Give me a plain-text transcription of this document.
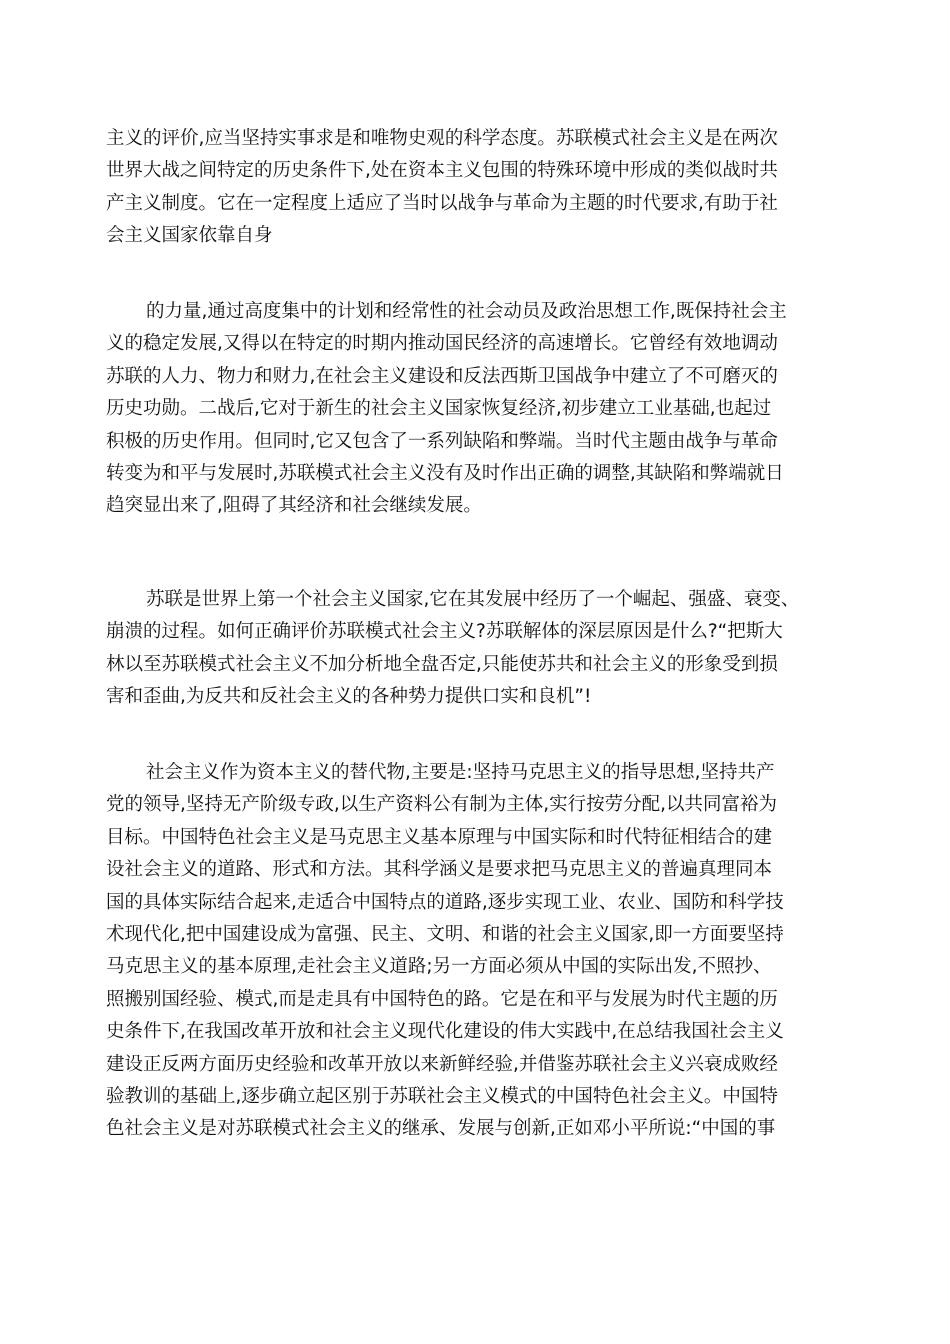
主义的评价,应当坚持实事求是和唯物史观的科学态度。苏联模式社会主义是在两次
世界大战之间特定的历史条件下,处在资本主义包围的特殊环境中形成的类似战时共
产主义制度。它在一定程度上适应了当时以战争与革命为主题的时代要求,有助于社
会主义国家依靠自身
的力量,通过高度集中的计划和经常性的社会动员及政治思想工作,既保持社会主
义的稳定发展,又得以在特定的时期内推动国民经济的高速增长。它曾经有效地调动
苏联的人力、物力和财力,在社会主义建设和反法西斯卫国战争中建立了不可磨灭的
历史功勋。二战后,它对于新生的社会主义国家恢复经济,初步建立工业基础,也起过
积极的历史作用。但同时,它又包含了一系列缺陷和弊端。当时代主题由战争与革命
转变为和平与发展时,苏联模式社会主义没有及时作出正确的调整,其缺陷和弊端就日
趋突显出来了,阻碍了其经济和社会继续发展。
苏联是世界上第一个社会主义国家,它在其发展中经历了一个崛起、强盛、衰变、
崩溃的过程。如何正确评价苏联模式社会主义?苏联解体的深层原因是什么?“把斯大
林以至苏联模式社会主义不加分析地全盘否定,只能使苏共和社会主义的形象受到损
害和歪曲,为反共和反社会主义的各种势力提供口实和良机”!
社会主义作为资本主义的替代物,主要是:坚持马克思主义的指导思想,坚持共产
党的领导,坚持无产阶级专政,以生产资料公有制为主体,实行按劳分配,以共同富裕为
目标。中国特色社会主义是马克思主义基本原理与中国实际和时代特征相结合的建
设社会主义的道路、形式和方法。其科学涵义是要求把马克思主义的普遍真理同本
国的具体实际结合起来,走适合中国特点的道路,逐步实现工业、农业、国防和科学技
术现代化,把中国建设成为富强、民主、文明、和谐的社会主义国家,即一方面要坚持
马克思主义的基本原理,走社会主义道路;另一方面必须从中国的实际出发,不照抄、
照搬别国经验、模式,而是走具有中国特色的路。它是在和平与发展为时代主题的历
史条件下,在我国改革开放和社会主义现代化建设的伟大实践中,在总结我国社会主义
建设正反两方面历史经验和改革开放以来新鲜经验,并借鉴苏联社会主义兴衰成败经
验教训的基础上,逐步确立起区别于苏联社会主义模式的中国特色社会主义。中国特
色社会主义是对苏联模式社会主义的继承、发展与创新,正如邓小平所说:“中国的事
